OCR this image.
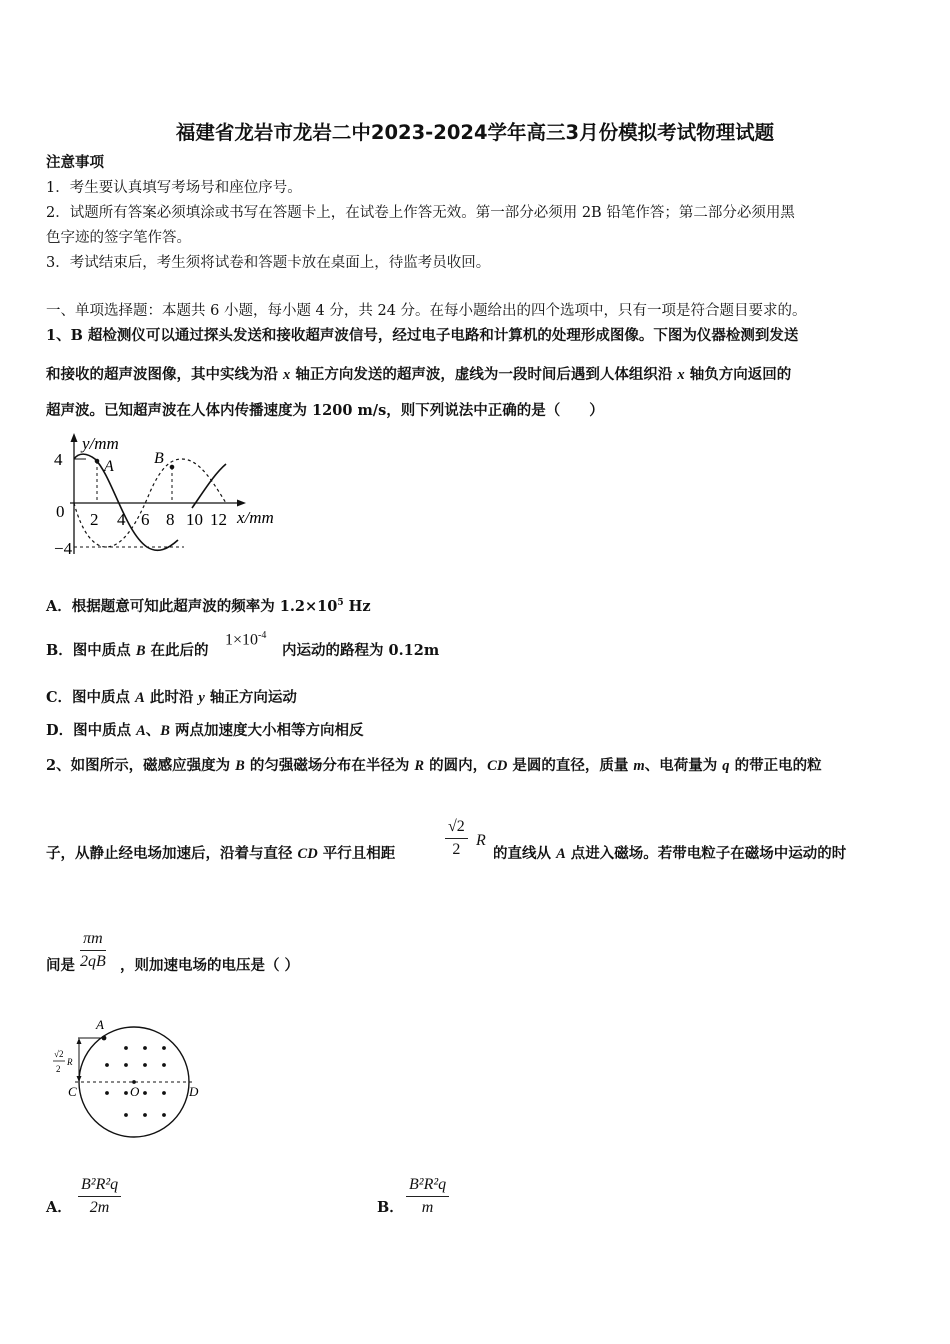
福建省龙岩市龙岩二中2023-2024学年高三3月份模拟考试物理试题
注意事项
1．考生要认真填写考场号和座位序号。
2．试题所有答案必须填涂或书写在答题卡上，在试卷上作答无效。第一部分必须用 2B 铅笔作答；第二部分必须用黑
色字迹的签字笔作答。
3．考试结束后，考生须将试卷和答题卡放在桌面上，待监考员收回。
一、单项选择题：本题共 6 小题，每小题 4 分，共 24 分。在每小题给出的四个选项中，只有一项是符合题目要求的。
1、B 超检测仪可以通过探头发送和接收超声波信号，经过电子电路和计算机的处理形成图像。下图为仪器检测到发送
和接收的超声波图像，其中实线为沿 x 轴正方向发送的超声波，虚线为一段时间后遇到人体组织沿 x 轴负方向返回的
超声波。已知超声波在人体内传播速度为 1200 m/s，则下列说法中正确的是（　　）
y/mm
4
−4
0
A	B
2 4 6 8 10 12 x/mm
A．根据题意可知此超声波的频率为 $1.2\times 10^5$ Hz
B．图中质点 B 在此后的
$1\times 10^{-4}$
内运动的路程为 0.12m
C．图中质点 A 此时沿 y 轴正方向运动
D．图中质点 A、B 两点加速度大小相等方向相反
2、如图所示，磁感应强度为 B 的匀强磁场分布在半径为 R 的圆内，CD 是圆的直径，质量 m、电荷量为 q 的带正电的粒
子，从静止经电场加速后，沿着与直径 CD 平行且相距	$\frac{√2}{2}$ R
的直线从 A 点进入磁场。若带电粒子在磁场中运动的时
$\frac{\pi m}{2qB}$
间是	，则加速电场的电压是（ ）
A
C	D
O
√2
2
R
A． $\frac{\text{B²R²q}}{2m}$	B． $\frac{\text{B²R²q}}{m}$
